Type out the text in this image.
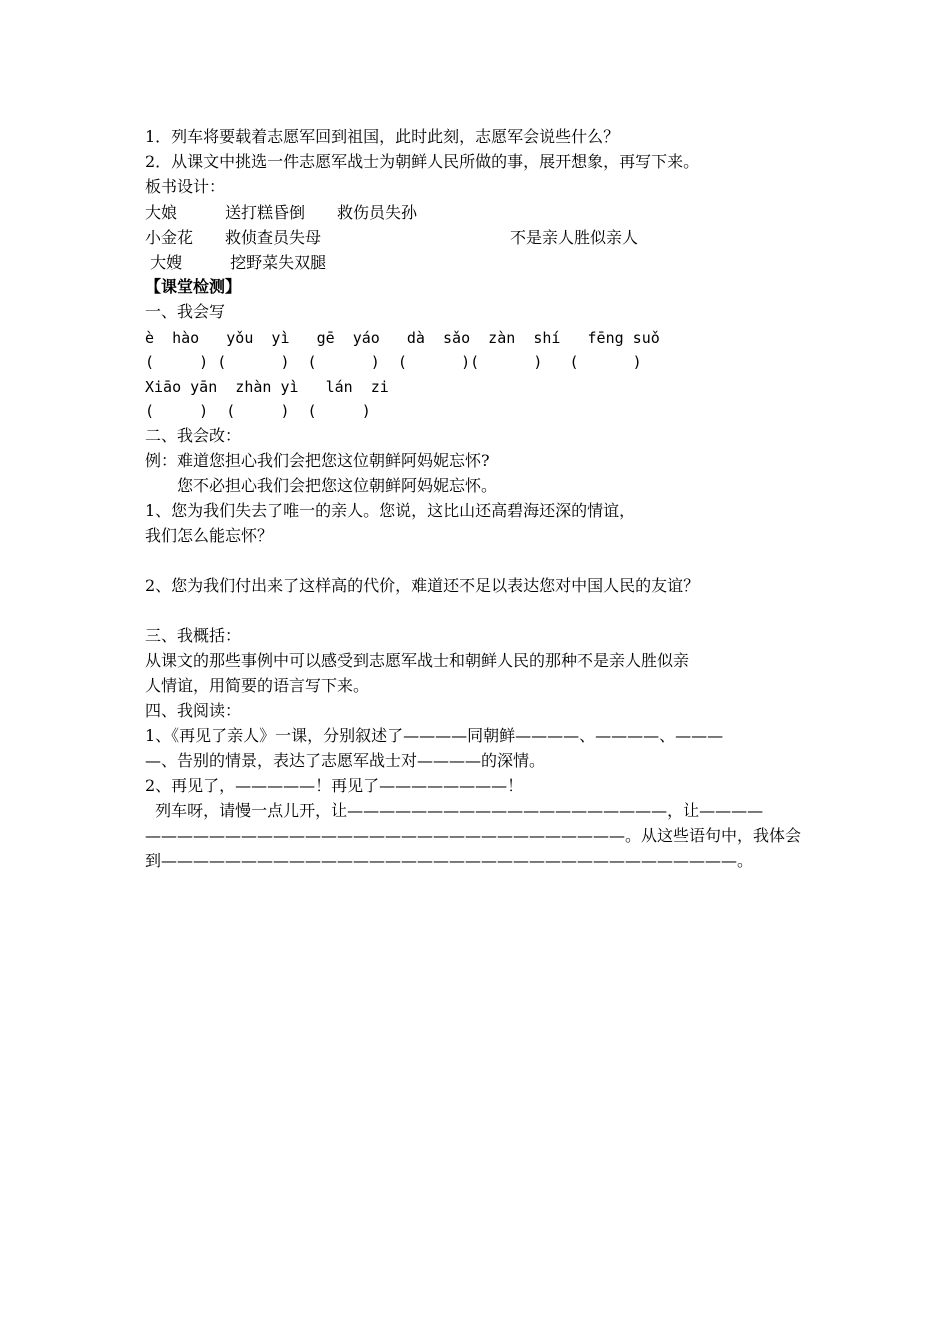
1．列车将要载着志愿军回到祖国，此时此刻，志愿军会说些什么？
2．从课文中挑选一件志愿军战士为朝鲜人民所做的事，展开想象，再写下来。
板书设计：
大娘　　　送打糕昏倒　　救伤员失孙
小金花　　救侦查员失母	不是亲人胜似亲人
大嫂　　　挖野菜失双腿
【课堂检测】
一、我会写
è  hào   yǒu  yì   gē  yáo   dà  sǎo  zàn  shí   fēng suǒ
(     ) (      )  (      )  (      )(      )   (      )
Xiāo yān  zhàn yì   lán  zi
(     )  (     )  (     )
二、我会改：
例：难道您担心我们会把您这位朝鲜阿妈妮忘怀?
　　您不必担心我们会把您这位朝鲜阿妈妮忘怀。
1、您为我们失去了唯一的亲人。您说，这比山还高碧海还深的情谊，
我们怎么能忘怀？
2、您为我们付出来了这样高的代价，难道还不足以表达您对中国人民的友谊？
三、我概括：
从课文的那些事例中可以感受到志愿军战士和朝鲜人民的那种不是亲人胜似亲
人情谊，用简要的语言写下来。
四、我阅读：
1、《再见了亲人》一课，分别叙述了————同朝鲜————、————、———
—、告别的情景，表达了志愿军战士对————的深情。
2、再见了，—————！再见了————————！
列车呀，请慢一点儿开，让————————————————————，让————
——————————————————————————————。从这些语句中，我体会
到————————————————————————————————————。
